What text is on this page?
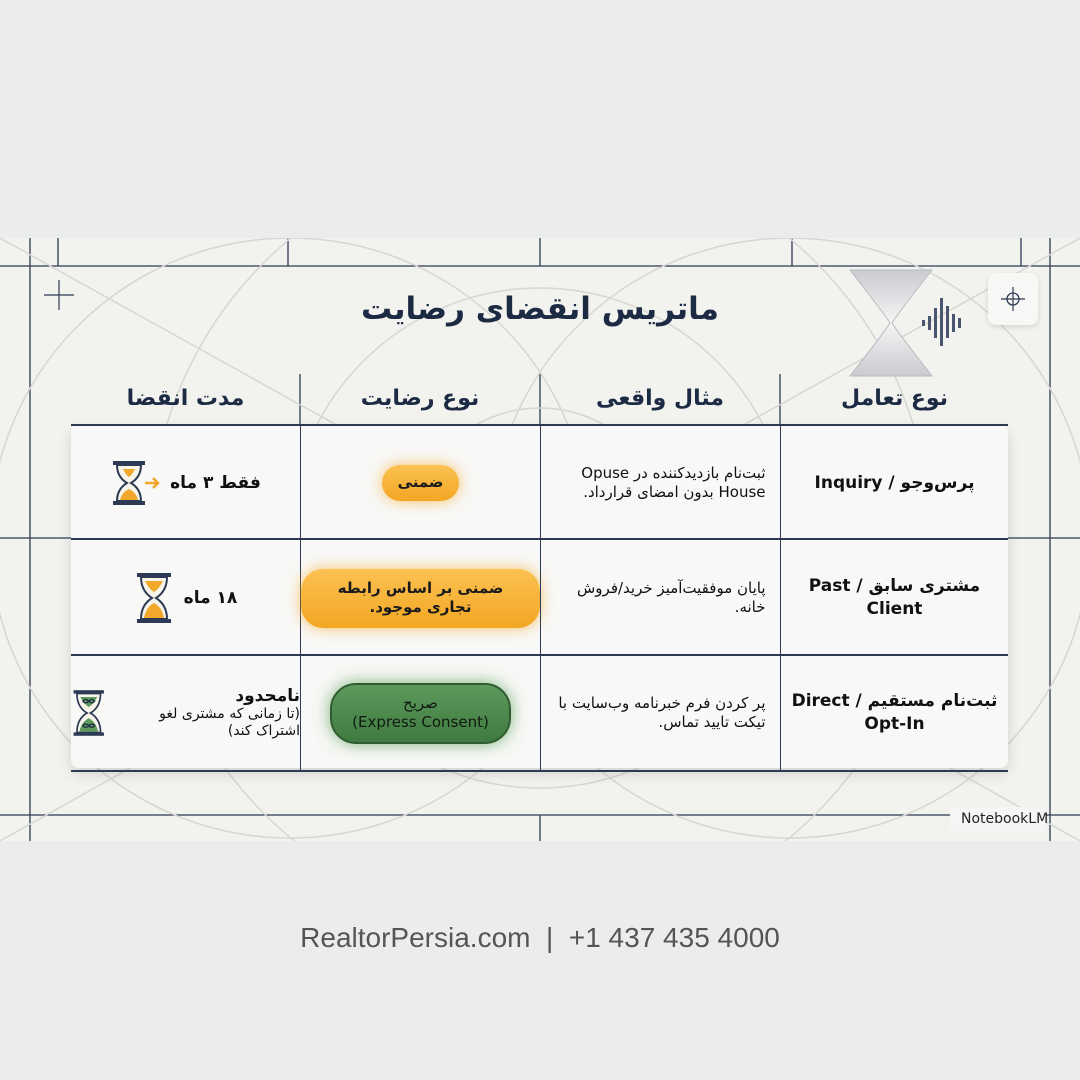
ماتریس انقضای رضایت
نوع تعامل
مثال واقعی
نوع رضایت
مدت انقضا
فقط ۳ ماه	ضمنی
ثبت‌نام بازدیدکننده در Opuse House بدون امضای قرارداد.	پرس‌وجو / Inquiry
۱۸ ماه
ضمنی بر اساس رابطه تجاری موجود.
پایان موفقیت‌آمیز خرید/فروش خانه.
مشتری سابق / Past Client
نامحدود
(تا زمانی که مشتری لغو اشتراک کند)
صریح
(Express Consent)
پر کردن فرم خبرنامه وب‌سایت با تیکت تایید تماس.
ثبت‌نام مستقیم / Direct Opt-In
NotebookLM
RealtorPersia.com  |  +1 437 435 4000
